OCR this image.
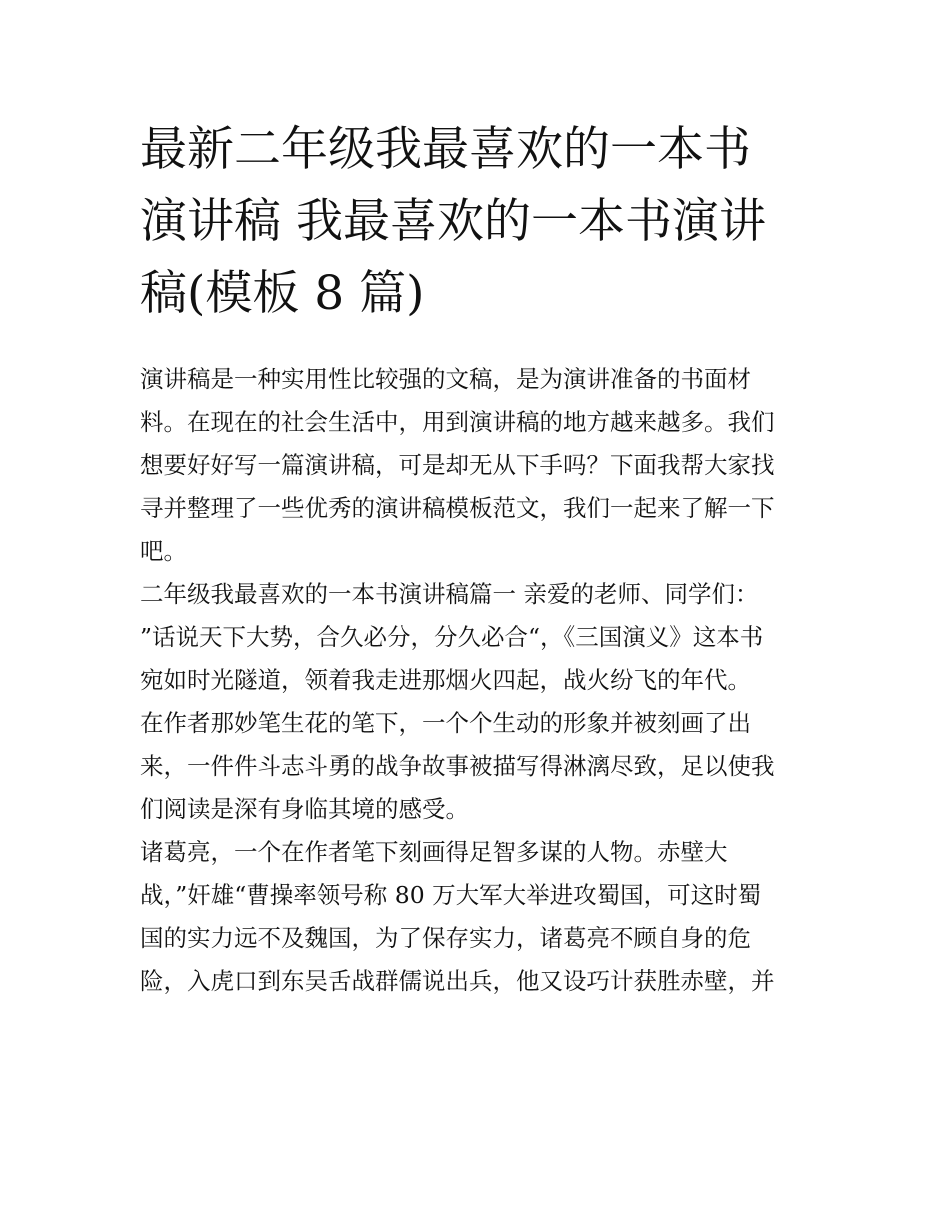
最新二年级我最喜欢的一本书
演讲稿 我最喜欢的一本书演讲
稿(模板 8 篇)

演讲稿是一种实用性比较强的文稿，是为演讲准备的书面材
料。在现在的社会生活中，用到演讲稿的地方越来越多。我们
想要好好写一篇演讲稿，可是却无从下手吗？下面我帮大家找
寻并整理了一些优秀的演讲稿模板范文，我们一起来了解一下
吧。

二年级我最喜欢的一本书演讲稿篇一 亲爱的老师、同学们：
”话说天下大势，合久必分，分久必合“，《三国演义》这本书
宛如时光隧道，领着我走进那烟火四起，战火纷飞的年代。

在作者那妙笔生花的笔下，一个个生动的形象并被刻画了出
来，一件件斗志斗勇的战争故事被描写得淋漓尽致，足以使我
们阅读是深有身临其境的感受。

诸葛亮，一个在作者笔下刻画得足智多谋的人物。赤壁大
战，”奸雄“曹操率领号称 80 万大军大举进攻蜀国，可这时蜀
国的实力远不及魏国，为了保存实力，诸葛亮不顾自身的危
险，入虎口到东吴舌战群儒说出兵，他又设巧计获胜赤壁，并
